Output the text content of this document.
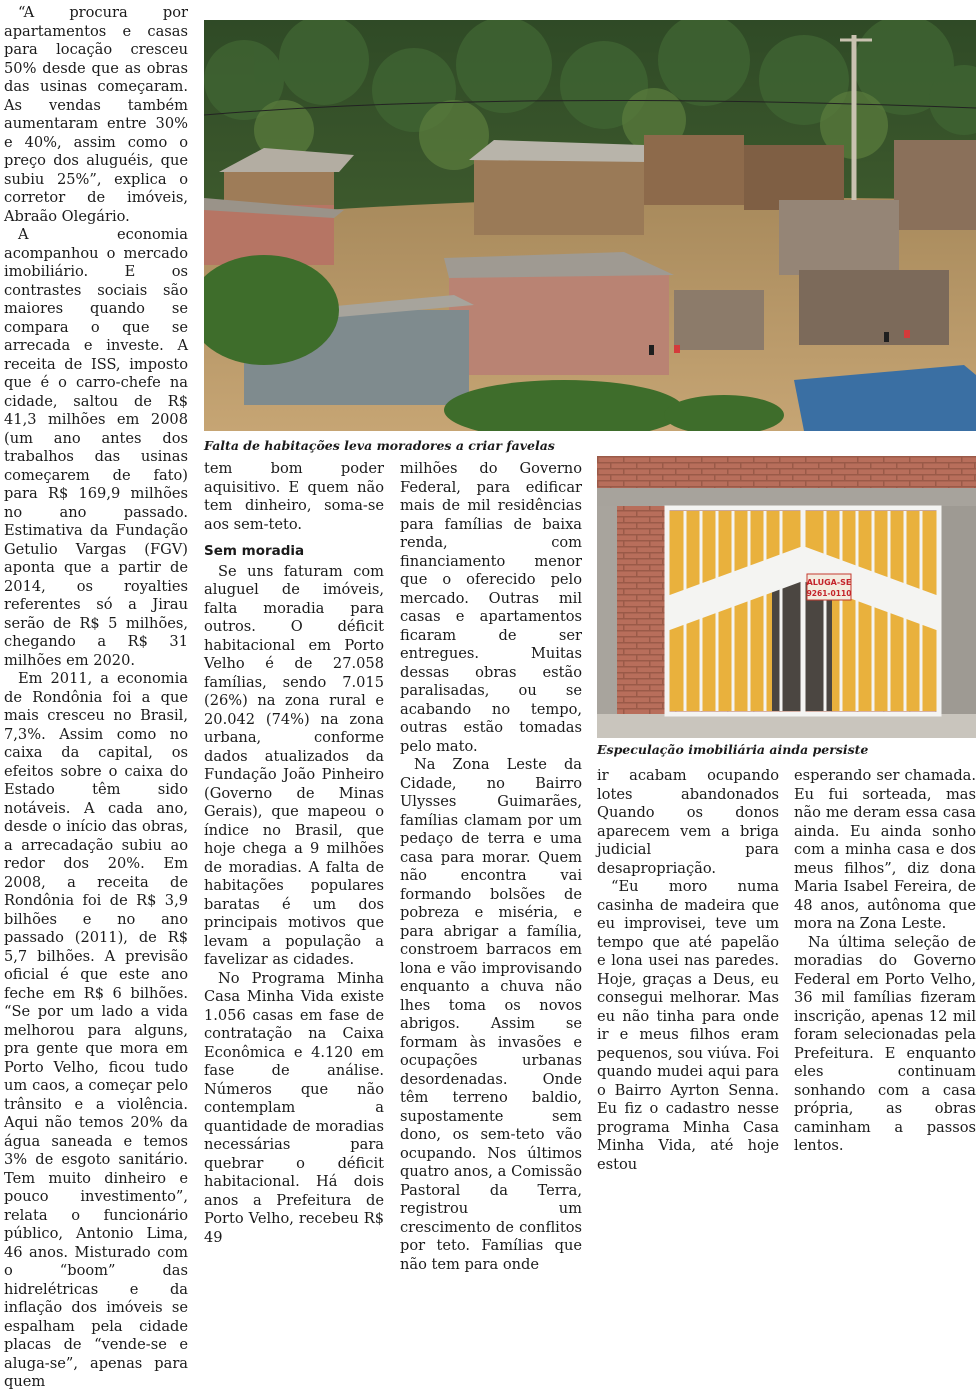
“A procura por apartamentos e casas para locação cresceu 50% desde que as obras das usinas começaram. As vendas também aumentaram entre 30% e 40%, assim como o preço dos aluguéis, que subiu 25%”, explica o corretor de imóveis, Abraão Olegário.

A economia acompanhou o mercado imobiliário. E os contrastes sociais são maiores quando se compara o que se arrecada e investe. A receita de ISS, imposto que é o carro-chefe na cidade, saltou de R$ 41,3 milhões em 2008 (um ano antes dos trabalhos das usinas começarem de fato) para R$ 169,9 milhões no ano passado. Estimativa da Fundação Getulio Vargas (FGV) aponta que a partir de 2014, os royalties referentes só a Jirau serão de R$ 5 milhões, chegando a R$ 31 milhões em 2020.

Em 2011, a economia de Rondônia foi a que mais cresceu no Brasil, 7,3%. Assim como no caixa da capital, os efeitos sobre o caixa do Estado têm sido notáveis. A cada ano, desde o início das obras, a arrecadação subiu ao redor dos 20%. Em 2008, a receita de Rondônia foi de R$ 3,9 bilhões e no ano passado (2011), de R$ 5,7 bilhões. A previsão oficial é que este ano feche em R$ 6 bilhões. “Se por um lado a vida melhorou para alguns, pra gente que mora em Porto Velho, ficou tudo um caos, a começar pelo trânsito e a violência. Aqui não temos 20% da água saneada e temos 3% de esgoto sanitário. Tem muito dinheiro e pouco investimento”, relata o funcionário público, Antonio Lima, 46 anos. Misturado com o “boom” das hidrelétricas e da inflação dos imóveis se espalham pela cidade placas de “vende-se e aluga-se”, apenas para quem

Falta de habitações leva moradores a criar favelas
ALUGA-SE
9261-0110
Especulação imobiliária ainda persiste

tem bom poder aquisitivo. E quem não tem dinheiro, soma-se aos sem-teto.

Sem moradia

Se uns faturam com aluguel de imóveis, falta moradia para outros. O déficit habitacional em Porto Velho é de 27.058 famílias, sendo 7.015 (26%) na zona rural e 20.042 (74%) na zona urbana, conforme dados atualizados da Fundação João Pinheiro (Governo de Minas Gerais), que mapeou o índice no Brasil, que hoje chega a 9 milhões de moradias. A falta de habitações populares baratas é um dos principais motivos que levam a população a favelizar as cidades.

No Programa Minha Casa Minha Vida existe 1.056 casas em fase de contratação na Caixa Econômica e 4.120 em fase de análise. Números que não contemplam a quantidade de moradias necessárias para quebrar o déficit habitacional. Há dois anos a Prefeitura de Porto Velho, recebeu R$ 49

milhões do Governo Federal, para edificar mais de mil residências para famílias de baixa renda, com financiamento menor que o oferecido pelo mercado. Outras mil casas e apartamentos ficaram de ser entregues. Muitas dessas obras estão paralisadas, ou se acabando no tempo, outras estão tomadas pelo mato.

Na Zona Leste da Cidade, no Bairro Ulysses Guimarães, famílias clamam por um pedaço de terra e uma casa para morar. Quem não encontra vai formando bolsões de pobreza e miséria, e para abrigar a família, constroem barracos em lona e vão improvisando enquanto a chuva não lhes toma os novos abrigos. Assim se formam às invasões e ocupações urbanas desordenadas. Onde têm terreno baldio, supostamente sem dono, os sem-teto vão ocupando. Nos últimos quatro anos, a Comissão Pastoral da Terra, registrou um crescimento de conflitos por teto. Famílias que não tem para onde

ir acabam ocupando lotes abandonados Quando os donos aparecem vem a briga judicial para desapropriação.

“Eu moro numa casinha de madeira que eu improvisei, teve um tempo que até papelão e lona usei nas paredes. Hoje, graças a Deus, eu consegui melhorar. Mas eu não tinha para onde ir e meus filhos eram pequenos, sou viúva. Foi quando mudei aqui para o Bairro Ayrton Senna. Eu fiz o cadastro nesse programa Minha Casa Minha Vida, até hoje estou

esperando ser chamada. Eu fui sorteada, mas não me deram essa casa ainda. Eu ainda sonho com a minha casa e dos meus filhos”, diz dona Maria Isabel Fereira, de 48 anos, autônoma que mora na Zona Leste.

Na última seleção de moradias do Governo Federal em Porto Velho, 36 mil famílias fizeram inscrição, apenas 12 mil foram selecionadas pela Prefeitura. E enquanto eles continuam sonhando com a casa própria, as obras caminham a passos lentos.
